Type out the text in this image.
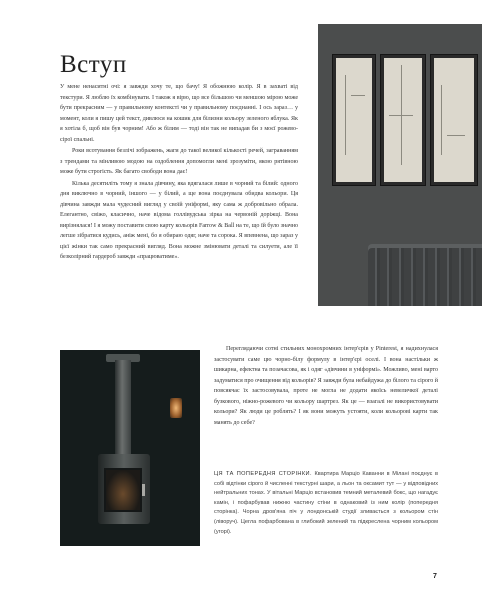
Вступ

У мене ненаситні очі: я завжди хочу те, що бачу! Я обожнюю колір. Я в захваті від текстури. Я люблю їх комбінувати. І також я вірю, що все більшою чи меншою мірою може бути прекрасним — у правильному контексті чи у правильному поєднанні. І ось зараз… у момент, коли я пишу цей текст, дивлюся на кошик для білизни кольору зеленого яблука. Як я хотіла б, щоб він був чорним! Або ж білим — тоді він так не випадав би з моєї рожево-сірої спальні.

Роки всотування безлічі зображень, жаги до такої великої кількості речей, заграванням з трендами та мінливою модою на оздоблення допомогли мені зрозуміти, якою рятівною може бути строгість. Як багато свободи вона дає!

Кілька десятиліть тому я знала дівчину, яка вдягалася лише в чорний та білий: одного дня виключно в чорний, іншого — у білий, а ще вона поєднувала обидва кольори. Ця дівчина завжди мала чудесний вигляд у своїй уніформі, яку сама ж добровільно обрала. Елегантно, свіжо, класично, наче відома голлівудська зірка на червоній доріжці. Вона вирізнялася! І я можу поставити свою карту кольорів Farrow & Ball на те, що їй було значно легше зібратися кудись, аніж мені, бо я обираю одяг, наче та сорока. Я впевнена, що зараз у цієї жінки так само прекрасний вигляд. Вона можне змінювати деталі та силуети, але її безколірний гардероб завжди «працюватиме».

Переглядаючи сотні стильних монохромних інтер'єрів у Pinterest, я надихнулася застосувати саме цю чорно-білу формулу в інтер'єрі оселі. І вона настільки ж шикарна, ефектна та позачасова, як і одяг «дівчини в уніформі». Можливо, мені варто задуматися про очищення від кольорів? Я завжди була небайдужа до білого та сірого й повсякчас їх застосовувала, проте не могла не додати якоїсь невеличкої деталі бузкового, ніжно-рожевого чи кольору шартрез. Як це — взагалі не використовувати кольори? Як люди це роблять? І як вони можуть устояти, коли кольорові карти так манять до себе?

ЦЯ ТА ПОПЕРЕДНЯ СТОРІНКИ. Квартира Марціо Каванни в Мілані поєднує в собі відтінки сірого й численні текстурні шари, а льон та оксамит тут — у відповідних нейтральних тонах. У вітальні Марціо встановив темний металевий бокс, що нагадує камін, і пофарбував нижню частину стіни в однаковий із ним колір (попередня сторінка). Чорна дров'яна піч у лондонській студії зливається з кольором стін (ліворуч). Цегла пофарбована в глибокий зелений та підкреслена чорним кольором (угорі).
7
